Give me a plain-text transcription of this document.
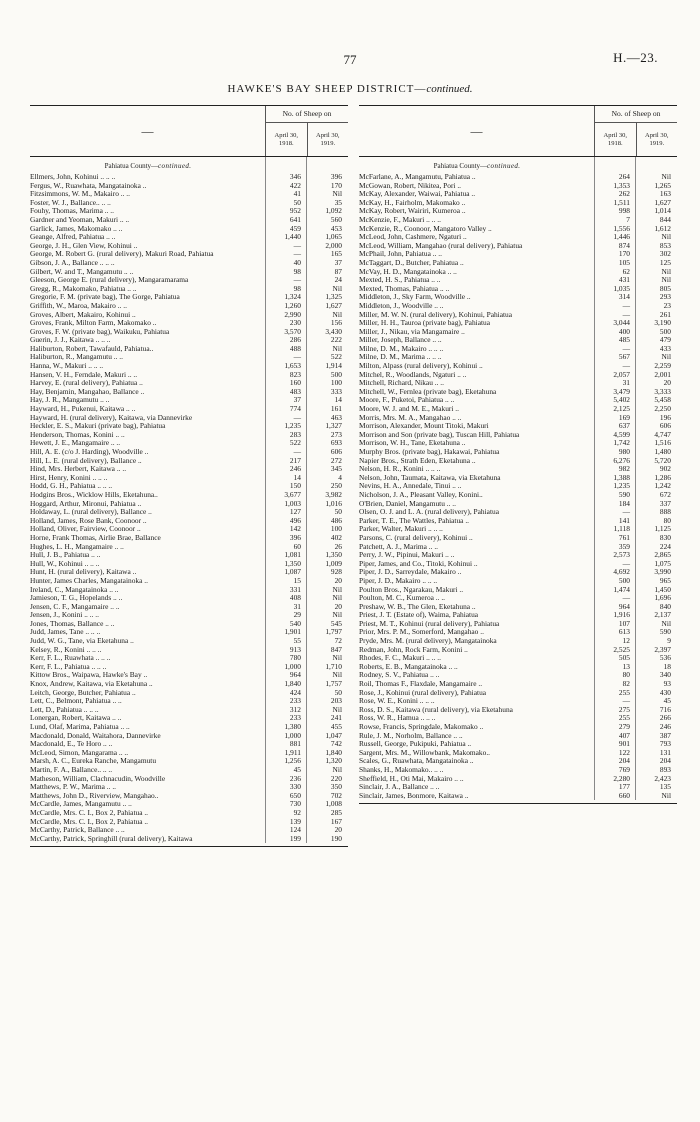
77	H.—23.
HAWKE'S BAY SHEEP DISTRICT—continued.
—
No. of Sheep on
April 30,
1918.
April 30,
1919.
Pahiatua County—continued.
Ellmers, John, Kohinui .. .. ..	346	396
Fergus, W., Ruawhata, Mangatainoka ..	422	170
Fitzsimmons, W. M., Makairo .. ..	41	Nil
Foster, W. J., Ballance.. .. ..	50	35
Fouhy, Thomas, Marima .. ..	952	1,092
Gardner and Yeoman, Makuri .. ..	641	560
Garlick, James, Makomako .. ..	459	453
Geange, Alfred, Pahiatua .. ..	1,440	1,065
George, J. H., Glen View, Kohinui ..	—	2,000
George, M. Robert G. (rural delivery), Makuri Road, Pahiatua	—	165
Gibson, J. A., Ballance .. .. ..	40	37
Gilbert, W. and T., Mangamutu .. ..	98	87
Gleeson, George E. (rural delivery), Mangaramarama	—	24
Gregg, R., Makomako, Pahiatua .. ..	98	Nil
Gregorie, F. M. (private bag), The Gorge, Pahiatua	1,324	1,325
Griffith, W., Maroa, Makairo .. ..	1,260	1,627
Groves, Albert, Makairo, Kohinui ..	2,990	Nil
Groves, Frank, Milton Farm, Makomako ..	230	156
Groves, F. W. (private bag), Waikuku, Pahiatua	3,570	3,430
Guerin, J. J., Kaitawa .. .. ..	286	222
Haliburton, Robert, Tawafauld, Pahiatua..	488	Nil
Haliburton, R., Mangamutu .. ..	—	522
Hanna, W., Makuri .. .. ..	1,653	1,914
Hansen, V. H., Ferndale, Makuri .. ..	823	500
Harvey, E. (rural delivery), Pahiatua ..	160	100
Hay, Benjamin, Mangahao, Ballance ..	483	333
Hay, J. R., Mangamutu .. ..	37	14
Hayward, H., Pukenui, Kaitawa .. ..	774	161
Hayward, H. (rural delivery), Kaitawa, via Dannevirke	—	463
Heckler, E. S., Makuri (private bag), Pahiatua	1,235	1,327
Henderson, Thomas, Konini .. ..	283	273
Hewett, J. E., Mangamaire .. ..	522	693
Hill, A. E. (c/o J. Harding), Woodville ..	—	606
Hill, L. E. (rural delivery), Ballance ..	217	272
Hind, Mrs. Herbert, Kaitawa .. ..	246	345
Hirst, Henry, Konini .. .. ..	14	4
Hodd, G. H., Pahiatua .. .. ..	150	250
Hodgins Bros., Wicklow Hills, Eketahuna..	3,677	3,982
Hoggard, Arthur, Mironui, Pahiatua ..	1,003	1,016
Holdaway, L. (rural delivery), Ballance ..	127	50
Holland, James, Rose Bank, Coonoor ..	496	486
Holland, Oliver, Fairview, Coonoor ..	142	100
Horne, Frank Thomas, Airlie Brae, Ballance	396	402
Hughes, L. H., Mangamaire .. ..	60	26
Hull, J. B., Pahiatua .. ..	1,081	1,350
Hull, W., Kohinui .. .. ..	1,350	1,009
Hunt, H. (rural delivery), Kaitawa ..	1,087	928
Hunter, James Charles, Mangatainoka ..	15	20
Ireland, C., Mangatainoka .. ..	331	Nil
Jamieson, T. G., Hopelands .. ..	408	Nil
Jensen, C. F., Mangamaire .. ..	31	20
Jensen, J., Konini .. .. ..	29	Nil
Jones, Thomas, Ballance .. ..	540	545
Judd, James, Tane .. .. ..	1,901	1,797
Judd, W. G., Tane, via Eketahuna ..	55	72
Kelsey, R., Konini .. .. ..	913	847
Kerr, F. L., Ruawhata .. .. ..	780	Nil
Kerr, F. L., Pahiatua .. .. ..	1,000	1,710
Kittow Bros., Waipawa, Hawke's Bay ..	964	Nil
Knox, Andrew, Kaitawa, via Eketahuna ..	1,840	1,757
Leitch, George, Butcher, Pahiatua ..	424	50
Lett, C., Belmont, Pahiatua .. ..	233	203
Lett, D., Pahiatua .. .. ..	312	Nil
Lonergan, Robert, Kaitawa .. ..	233	241
Lund, Olaf, Marima, Pahiatua .. ..	1,380	455
Macdonald, Donald, Waitahora, Dannevirke	1,000	1,047
Macdonald, E., Te Horo .. ..	881	742
McLeod, Simon, Mangarama .. ..	1,911	1,840
Marsh, A. C., Eureka Ranche, Mangamutu	1,256	1,320
Martin, F. A., Ballance.. .. ..	45	Nil
Matheson, William, Clachnacudin, Woodville	236	220
Matthews, P. W., Marima .. ..	330	350
Matthews, John D., Riverview, Mangahao..	650	702
McCardle, James, Mangamutu .. ..	730	1,008
McCardle, Mrs. C. I., Box 2, Pahiatua ..	92	285
McCardle, Mrs. C. I., Box 2, Pahiatua ..	139	167
McCarthy, Patrick, Ballance .. ..	124	20
McCarthy, Patrick, Springhill (rural delivery), Kaitawa	199	190
—
No. of Sheep on
April 30,
1918.
April 30,
1919.
Pahiatua County—continued.
McFarlane, A., Mangamutu, Pahiatua ..	264	Nil
McGowan, Robert, Nikitea, Pori ..	1,353	1,265
McKay, Alexander, Waiwai, Pahiatua ..	262	163
McKay, H., Fairholm, Makomako ..	1,511	1,627
McKay, Robert, Wairiri, Kumeroa ..	998	1,014
McKenzie, F., Makuri .. .. ..	7	844
McKenzie, R., Coonoor, Mangatoro Valley ..	1,556	1,612
McLeod, John, Cashmere, Ngaturi ..	1,446	Nil
McLeod, William, Mangahao (rural delivery), Pahiatua	874	853
McPhail, John, Pahiatua .. ..	170	302
McTaggart, D., Butcher, Pahiatua ..	105	125
McVay, H. D., Mangatainoka .. ..	62	Nil
Mexted, H. S., Pahiatua .. ..	431	Nil
Mexted, Thomas, Pahiatua .. ..	1,035	805
Middleton, J., Sky Farm, Woodville ..	314	293
Middleton, J., Woodville .. ..	—	23
Miller, M. W. N. (rural delivery), Kohinui, Pahiatua	—	261
Miller, H. H., Tauroa (private bag), Pahiatua	3,044	3,190
Miller, J., Nikau, via Mangamaire ..	400	500
Miller, Joseph, Ballance .. ..	485	479
Milne, D. M., Makairo .. .. ..	—	433
Milne, D. M., Marima .. .. ..	567	Nil
Milton, Alpass (rural delivery), Kohinui ..	—	2,259
Mitchel, R., Woodlands, Ngaturi .. ..	2,057	2,001
Mitchell, Richard, Nikau .. ..	31	20
Mitchell, W., Fernlea (private bag), Eketahuna	3,479	3,333
Moore, F., Puketoi, Pahiatua .. ..	5,402	5,458
Moore, W. J. and M. E., Makuri ..	2,125	2,250
Morris, Mrs. M. A., Mangahao .. ..	169	196
Morrison, Alexander, Mount Titoki, Makuri	637	606
Morrison and Son (private bag), Tuscan Hill, Pahiatua	4,599	4,747
Morrison, W. H., Tane, Eketahuna ..	1,742	1,516
Murphy Bros. (private bag), Hakawai, Pahiatua	980	1,480
Napier Bros., Strath Eden, Eketahuna ..	6,276	5,720
Nelson, H. R., Konini .. .. ..	982	902
Nelson, John, Taumata, Kaitawa, via Eketahuna	1,388	1,286
Nevins, H. A., Annedale, Tinui .. ..	1,235	1,242
Nicholson, J. A., Pleasant Valley, Konini..	590	672
O'Brien, Daniel, Mangamutu .. ..	184	337
Olsen, O. J. and L. A. (rural delivery), Pahiatua	—	888
Parker, T. E., The Wattles, Pahiatua ..	141	80
Parker, Walter, Makuri .. .. ..	1,118	1,125
Parsons, C. (rural delivery), Kohinui ..	761	830
Patchett, A. J., Marima .. ..	359	224
Perry, J. W., Pipinui, Makuri .. ..	2,573	2,865
Piper, James, and Co., Titoki, Kohinui ..	—	1,075
Piper, J. D., Sarreydale, Makairo ..	4,692	3,990
Piper, J. D., Makairo .. .. ..	500	965
Poulton Bros., Ngarakau, Makuri ..	1,474	1,450
Poulton, M. C., Kumeroa .. ..	—	1,696
Preshaw, W. B., The Glen, Eketahuna ..	964	840
Priest, J. T. (Estate of), Waima, Pahiatua	1,916	2,137
Priest, M. T., Kohinui (rural delivery), Pahiatua	107	Nil
Prior, Mrs. P. M., Somerford, Mangahao ..	613	590
Pryde, Mrs. M. (rural delivery), Mangatainoka	12	9
Redman, John, Rock Farm, Konini ..	2,525	2,397
Rhodes, F. C., Makuri .. .. ..	505	536
Roberts, E. B., Mangatainoka .. ..	13	18
Rodney, S. V., Pahiatua .. ..	80	340
Roil, Thomas F., Flaxdale, Mangamaire ..	82	93
Rose, J., Kohinui (rural delivery), Pahiatua	255	430
Rose, W. E., Konini .. .. ..	—	45
Ross, D. S., Kaitawa (rural delivery), via Eketahuna	275	716
Ross, W. R., Hamua .. .. ..	255	266
Rowse, Francis, Springdale, Makomako ..	279	246
Rule, J. M., Norholm, Ballance .. ..	407	387
Russell, George, Pukipuki, Pahiatua ..	901	793
Sargent, Mrs. M., Willowbank, Makomako..	122	131
Scales, G., Ruawhata, Mangatainoka ..	204	204
Shanks, H., Makomako.. .. ..	769	893
Sheffield, H., Oti Mai, Makairo .. ..	2,280	2,423
Sinclair, J. A., Ballance .. ..	177	135
Sinclair, James, Bonmore, Kaitawa ..	660	Nil
